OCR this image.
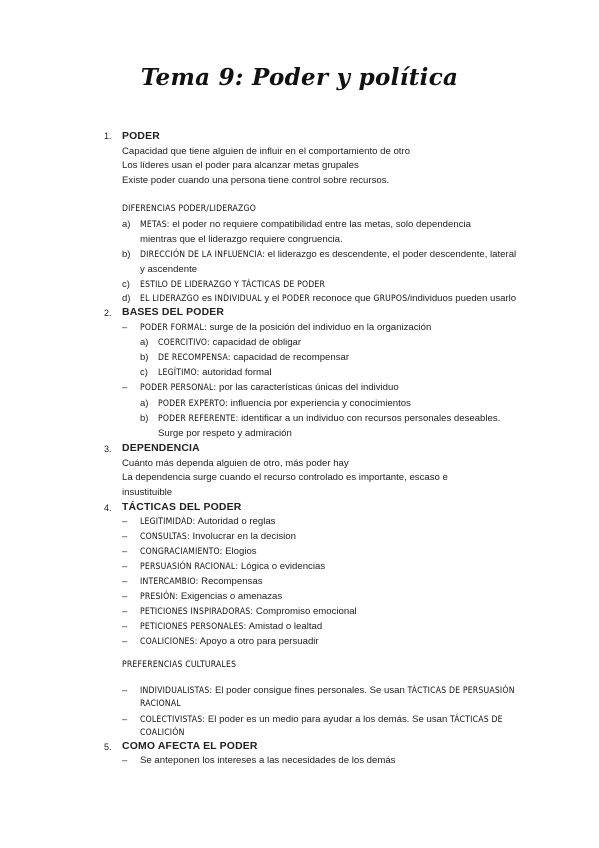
Tema 9: Poder y política
1. PODER
Capacidad que tiene alguien de influir en el comportamiento de otro
Los líderes usan el poder para alcanzar metas grupales
Existe poder cuando una persona tiene control sobre recursos.
DIFERENCIAS PODER/LIDERAZGO
a) METAS: el poder no requiere compatibilidad entre las metas, solo dependencia
mientras que el liderazgo requiere congruencia.
b) DIRECCIÓN DE LA INFLUENCIA: el liderazgo es descendente, el poder descendente, lateral
y ascendente
c) ESTILO DE LIDERAZGO Y TÁCTICAS DE PODER
d) EL LIDERAZGO es INDIVIDUAL y el PODER reconoce que GRUPOS/individuos pueden usarlo
2. BASES DEL PODER
– PODER FORMAL: surge de la posición del individuo en la organización
a) COERCITIVO: capacidad de obligar
b) DE RECOMPENSA: capacidad de recompensar
c) LEGÍTIMO: autoridad formal
– PODER PERSONAL: por las características únicas del individuo
a) PODER EXPERTO: influencia por experiencia y conocimientos
b) PODER REFERENTE: identificar a un individuo con recursos personales deseables.
Surge por respeto y admiración
3. DEPENDENCIA
Cuánto más dependa alguien de otro, más poder hay
La dependencia surge cuando el recurso controlado es importante, escaso e
insustituible
4. TÁCTICAS DEL PODER
– LEGITIMIDAD: Autoridad o reglas
– CONSULTAS: Involucrar en la decision
– CONGRACIAMIENTO: Elogios
– PERSUASIÓN RACIONAL: Lógica o evidencias
– INTERCAMBIO: Recompensas
– PRESIÓN: Exigencias o amenazas
– PETICIONES INSPIRADORAS: Compromiso emocional
– PETICIONES PERSONALES: Amistad o lealtad
– COALICIONES: Apoyo a otro para persuadir
PREFERENCIAS CULTURALES
– INDIVIDUALISTAS: El poder consigue fines personales. Se usan TÁCTICAS DE PERSUASIÓN
RACIONAL
– COLECTIVISTAS: El poder es un medio para ayudar a los demás. Se usan TÁCTICAS DE
COALICIÓN
5. COMO AFECTA EL PODER
– Se anteponen los intereses a las necesidades de los demás
